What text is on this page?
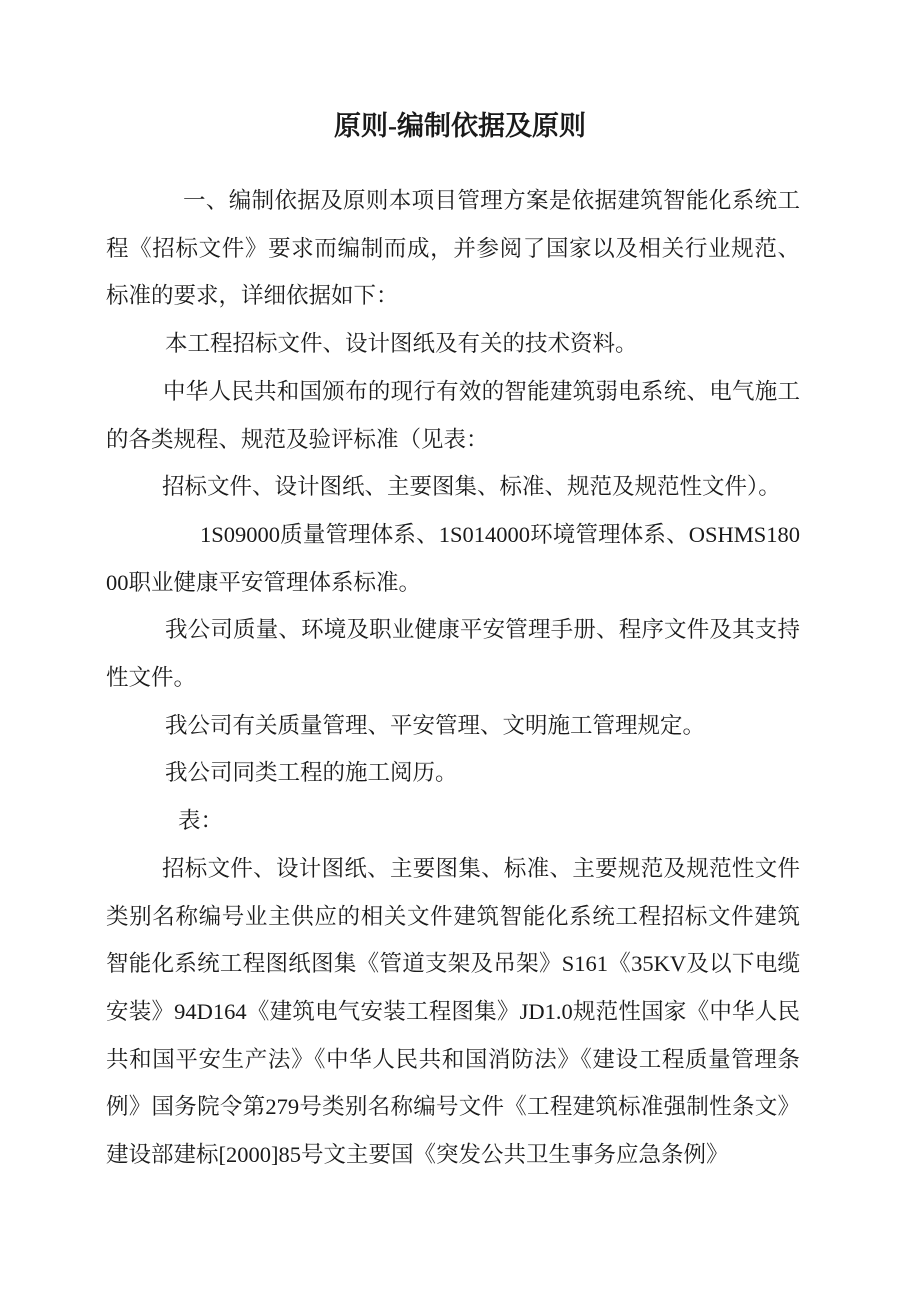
原则-编制依据及原则

一、编制依据及原则本项目管理方案是依据建筑智能化系统工程《招标文件》要求而编制而成，并参阅了国家以及相关行业规范、标准的要求，详细依据如下：

本工程招标文件、设计图纸及有关的技术资料。

中华人民共和国颁布的现行有效的智能建筑弱电系统、电气施工的各类规程、规范及验评标准（见表：

招标文件、设计图纸、主要图集、标准、规范及规范性文件）。

1S09000质量管理体系、1S014000环境管理体系、OSHMS18000职业健康平安管理体系标准。

我公司质量、环境及职业健康平安管理手册、程序文件及其支持性文件。

我公司有关质量管理、平安管理、文明施工管理规定。

我公司同类工程的施工阅历。

表：

招标文件、设计图纸、主要图集、标准、主要规范及规范性文件类别名称编号业主供应的相关文件建筑智能化系统工程招标文件建筑智能化系统工程图纸图集《管道支架及吊架》S161《35KV及以下电缆安装》94D164《建筑电气安装工程图集》JD1.0规范性国家《中华人民共和国平安生产法》《中华人民共和国消防法》《建设工程质量管理条例》国务院令第279号类别名称编号文件《工程建筑标准强制性条文》建设部建标[2000]85号文主要国《突发公共卫生事务应急条例》
